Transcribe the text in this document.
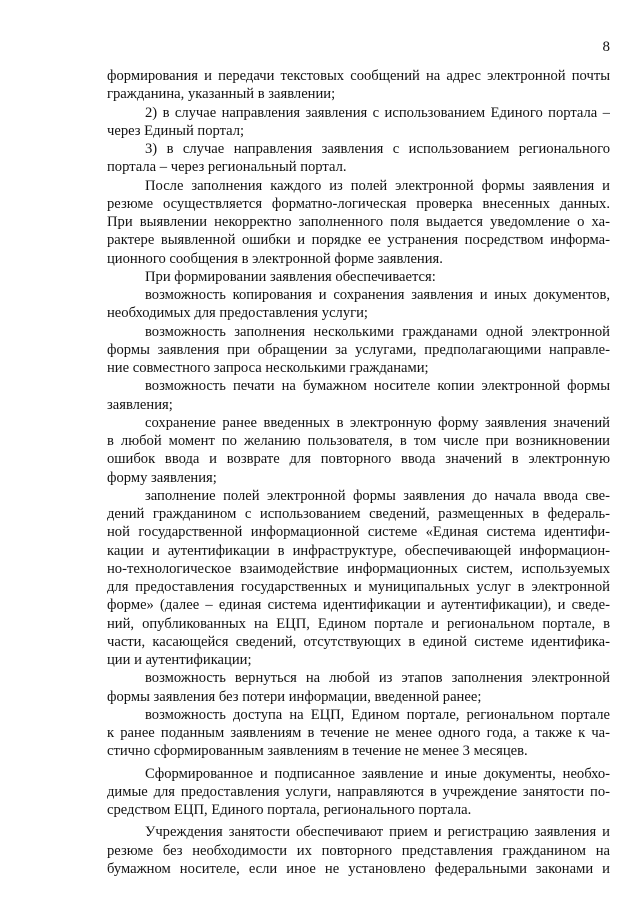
8
формирования и передачи текстовых сообщений на адрес электронной почты
гражданина, указанный в заявлении;
2) в случае направления заявления с использованием Единого портала –
через Единый портал;
3) в случае направления заявления с использованием регионального
портала – через региональный портал.
После заполнения каждого из полей электронной формы заявления и
резюме осуществляется форматно-логическая проверка внесенных данных.
При выявлении некорректно заполненного поля выдается уведомление о ха-
рактере выявленной ошибки и порядке ее устранения посредством информа-
ционного сообщения в электронной форме заявления.
При формировании заявления обеспечивается:
возможность копирования и сохранения заявления и иных документов,
необходимых для предоставления услуги;
возможность заполнения несколькими гражданами одной электронной
формы заявления при обращении за услугами, предполагающими направле-
ние совместного запроса несколькими гражданами;
возможность печати на бумажном носителе копии электронной формы
заявления;
сохранение ранее введенных в электронную форму заявления значений
в любой момент по желанию пользователя, в том числе при возникновении
ошибок ввода и возврате для повторного ввода значений в электронную
форму заявления;
заполнение полей электронной формы заявления до начала ввода све-
дений гражданином с использованием сведений, размещенных в федераль-
ной государственной информационной системе «Единая система идентифи-
кации и аутентификации в инфраструктуре, обеспечивающей информацион-
но-технологическое взаимодействие информационных систем, используемых
для предоставления государственных и муниципальных услуг в электронной
форме» (далее – единая система идентификации и аутентификации), и сведе-
ний, опубликованных на ЕЦП, Едином портале и региональном портале, в
части, касающейся сведений, отсутствующих в единой системе идентифика-
ции и аутентификации;
возможность вернуться на любой из этапов заполнения электронной
формы заявления без потери информации, введенной ранее;
возможность доступа на ЕЦП, Едином портале, региональном портале
к ранее поданным заявлениям в течение не менее одного года, а также к ча-
стично сформированным заявлениям в течение не менее 3 месяцев.
Сформированное и подписанное заявление и иные документы, необхо-
димые для предоставления услуги, направляются в учреждение занятости по-
средством ЕЦП, Единого портала, регионального портала.
Учреждения занятости обеспечивают прием и регистрацию заявления и
резюме без необходимости их повторного представления гражданином на
бумажном носителе, если иное не установлено федеральными законами и
